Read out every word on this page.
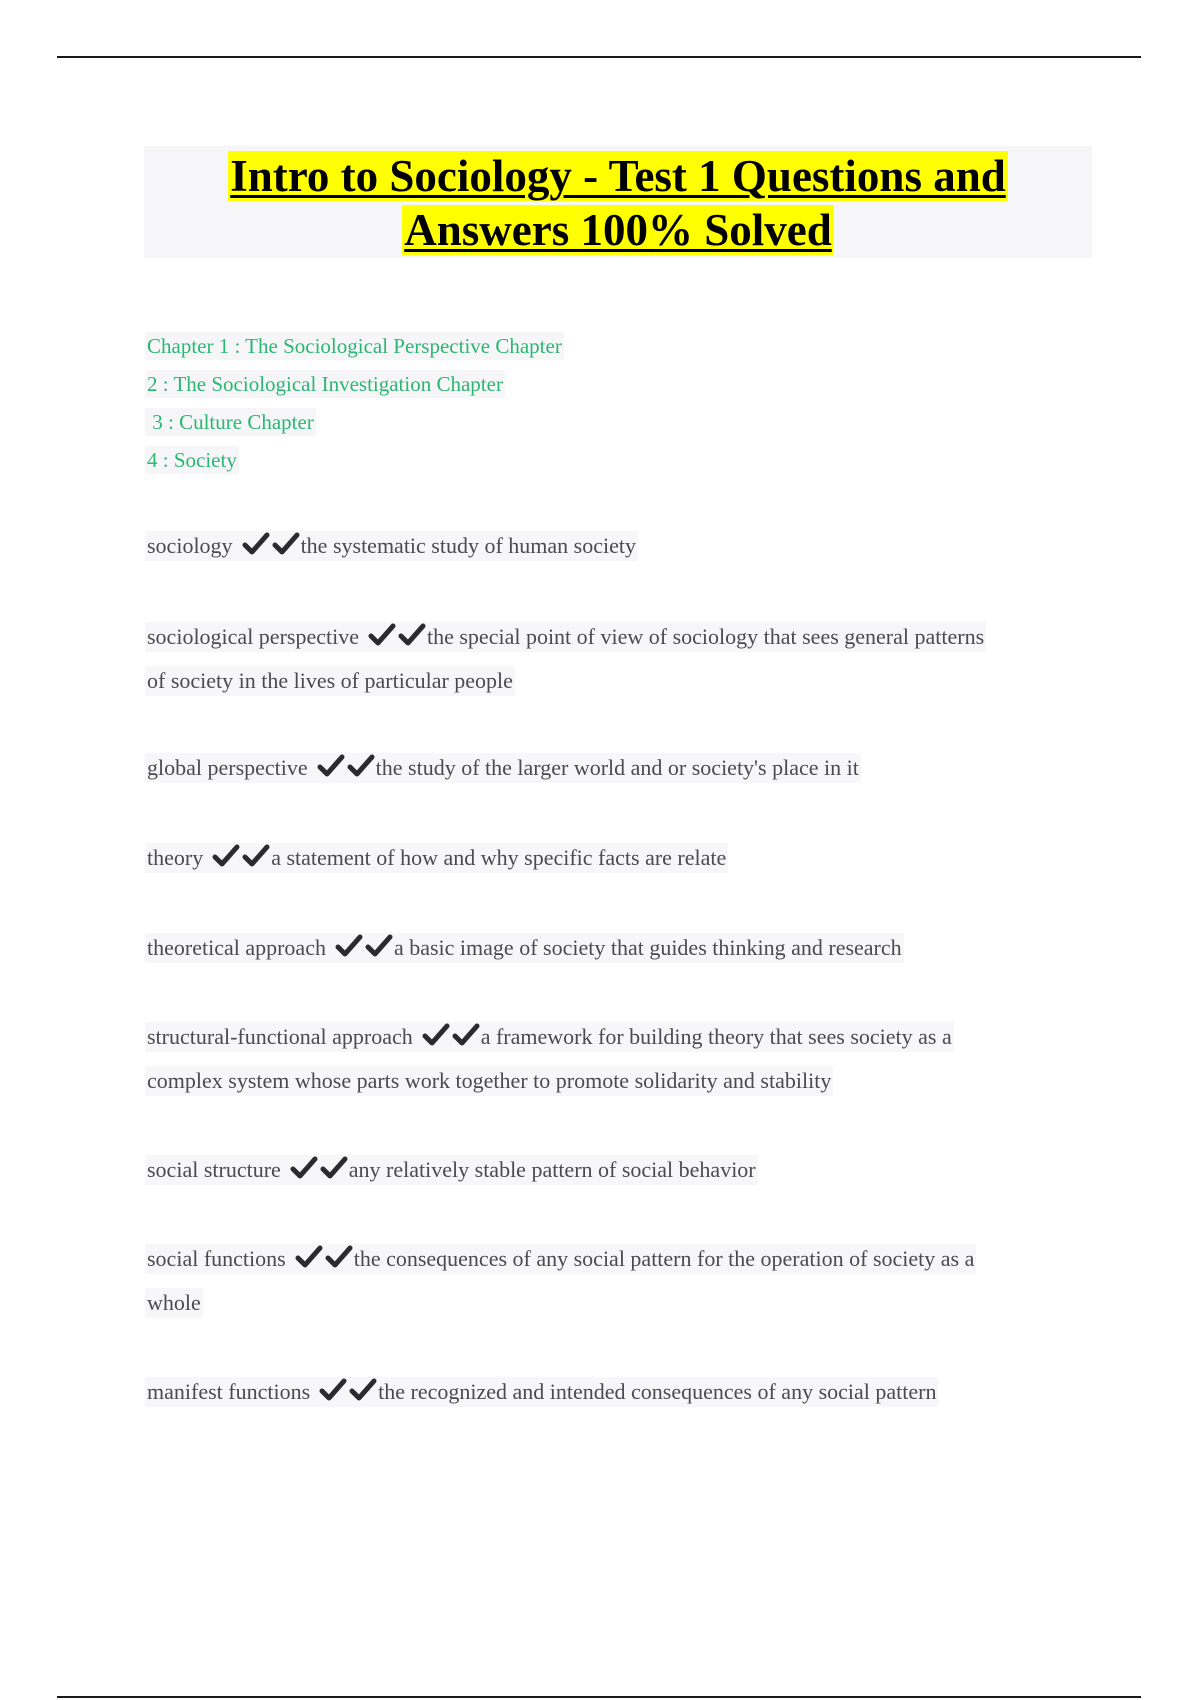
Intro to Sociology - Test 1 Questions and
Answers 100% Solved
Chapter 1 : The Sociological Perspective Chapter
2 : The Sociological Investigation Chapter
3 : Culture Chapter
4 : Society
sociology	the systematic study of human society
sociological perspective	the special point of view of sociology that sees general patterns
of society in the lives of particular people
global perspective	the study of the larger world and or society's place in it
theory	a statement of how and why specific facts are relate
theoretical approach	a basic image of society that guides thinking and research
structural-functional approach	a framework for building theory that sees society as a
complex system whose parts work together to promote solidarity and stability
social structure	any relatively stable pattern of social behavior
social functions	the consequences of any social pattern for the operation of society as a
whole
manifest functions	the recognized and intended consequences of any social pattern
